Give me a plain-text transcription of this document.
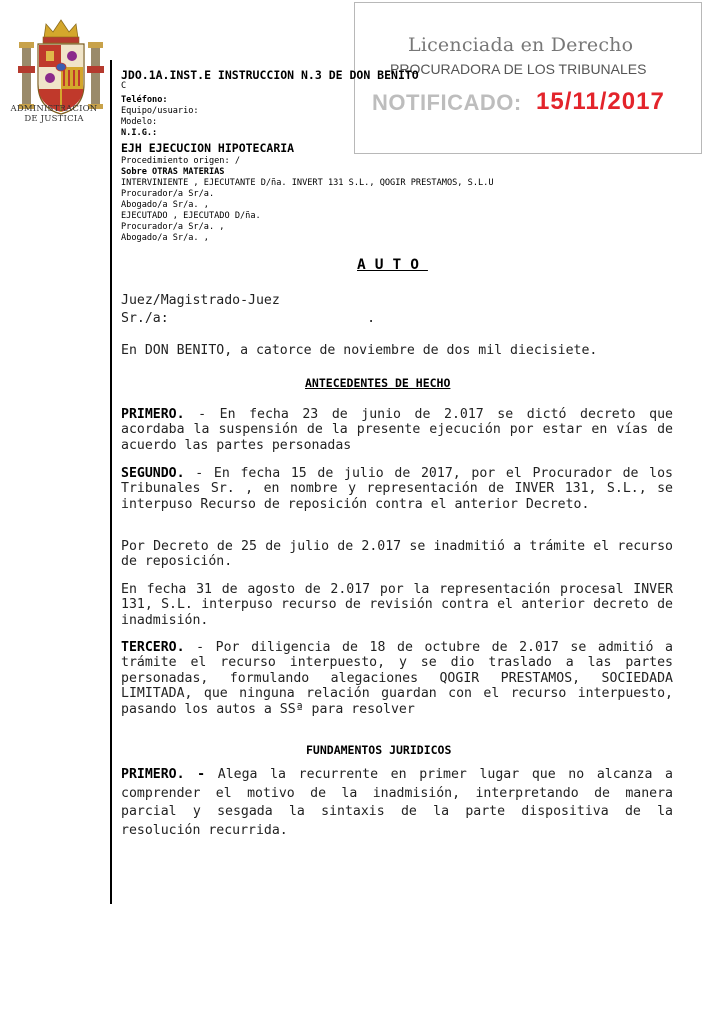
ADMINISTRACION
DE JUSTICIA
Licenciada en Derecho
PROCURADORA DE LOS TRIBUNALES
NOTIFICADO: 15/11/2017
JDO.1A.INST.E INSTRUCCION N.3 DE DON BENITO
C
Teléfono:
Equipo/usuario:
Modelo:
N.I.G.:
EJH EJECUCION HIPOTECARIA
Procedimiento origen: /
Sobre OTRAS MATERIAS
INTERVINIENTE , EJECUTANTE D/ña. INVERT 131 S.L., QOGIR PRESTAMOS, S.L.U
Procurador/a Sr/a.
Abogado/a Sr/a. ,
EJECUTADO , EJECUTADO D/ña.
Procurador/a Sr/a. ,
Abogado/a Sr/a. ,
AUTO
Juez/Magistrado-Juez
Sr./a:                         .
En DON BENITO, a catorce de noviembre de dos mil diecisiete.
ANTECEDENTES DE HECHO
PRIMERO. - En fecha 23 de junio de 2.017 se dictó decreto que acordaba la suspensión de la presente ejecución por estar en vías de acuerdo las partes personadas
SEGUNDO. - En fecha 15 de julio de 2017, por el Procurador de los Tribunales Sr. , en nombre y representación de INVER 131, S.L., se interpuso Recurso de reposición contra el anterior Decreto.
Por Decreto de 25 de julio de 2.017 se inadmitió a trámite el recurso de reposición.
En fecha 31 de agosto de 2.017 por la representación procesal INVER 131, S.L. interpuso recurso de revisión contra el anterior decreto de inadmisión.
TERCERO. - Por diligencia de 18 de octubre de 2.017 se admitió a trámite el recurso interpuesto, y se dio traslado a las partes personadas, formulando alegaciones QOGIR PRESTAMOS, SOCIEDADA LIMITADA, que ninguna relación guardan con el recurso interpuesto, pasando los autos a SSª para resolver
FUNDAMENTOS JURIDICOS
PRIMERO. - Alega la recurrente en primer lugar que no alcanza a comprender el motivo de la inadmisión, interpretando de manera parcial y sesgada la sintaxis de la parte dispositiva de la resolución recurrida.
